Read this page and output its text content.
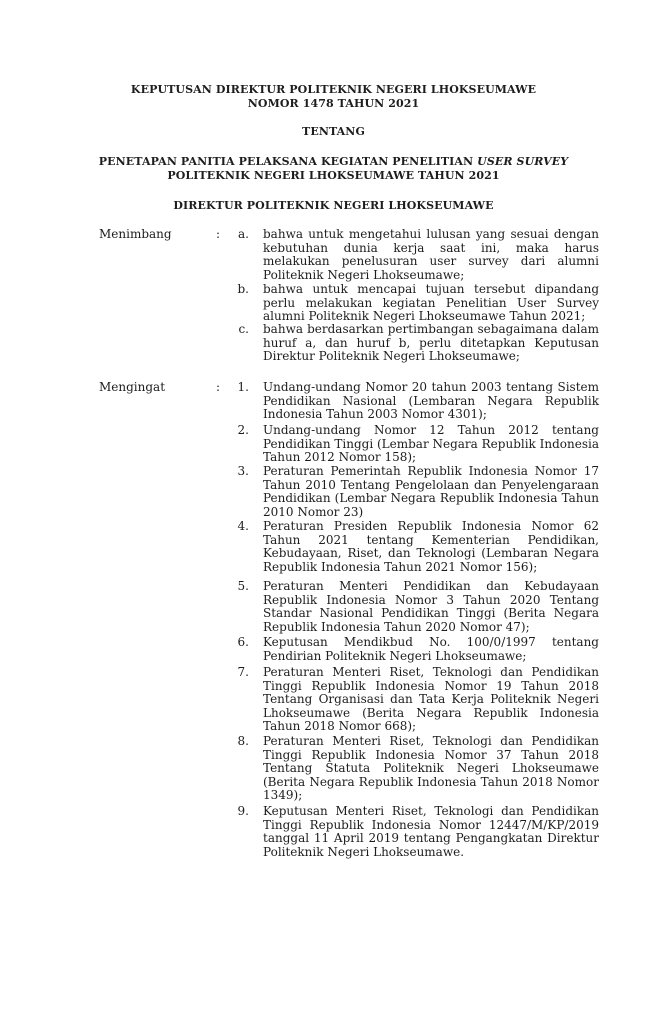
KEPUTUSAN DIREKTUR POLITEKNIK NEGERI LHOKSEUMAWE
NOMOR 1478 TAHUN 2021
TENTANG
PENETAPAN PANITIA PELAKSANA KEGIATAN PENELITIAN USER SURVEY
POLITEKNIK NEGERI LHOKSEUMAWE TAHUN 2021
DIREKTUR POLITEKNIK NEGERI LHOKSEUMAWE
Menimbang	:	a. bahwa untuk mengetahui lulusan yang sesuai dengan
kebutuhan dunia kerja saat ini, maka harus
melakukan penelusuran user survey dari alumni
Politeknik Negeri Lhokseumawe;
b. bahwa untuk mencapai tujuan tersebut dipandang
perlu melakukan kegiatan Penelitian User Survey
alumni Politeknik Negeri Lhokseumawe Tahun 2021;
c. bahwa berdasarkan pertimbangan sebagaimana dalam
huruf a, dan huruf b, perlu ditetapkan Keputusan
Direktur Politeknik Negeri Lhokseumawe;
Mengingat	:	1. Undang-undang Nomor 20 tahun 2003 tentang Sistem
Pendidikan Nasional (Lembaran Negara Republik
Indonesia Tahun 2003 Nomor 4301);
2. Undang-undang Nomor 12 Tahun 2012 tentang
Pendidikan Tinggi (Lembar Negara Republik Indonesia
Tahun 2012 Nomor 158);
3. Peraturan Pemerintah Republik Indonesia Nomor 17
Tahun 2010 Tentang Pengelolaan dan Penyelengaraan
Pendidikan (Lembar Negara Republik Indonesia Tahun
2010 Nomor 23)
4. Peraturan Presiden Republik Indonesia Nomor 62
Tahun 2021 tentang Kementerian Pendidikan,
Kebudayaan, Riset, dan Teknologi (Lembaran Negara
Republik Indonesia Tahun 2021 Nomor 156);
5. Peraturan Menteri Pendidikan dan Kebudayaan
Republik Indonesia Nomor 3 Tahun 2020 Tentang
Standar Nasional Pendidikan Tinggi (Berita Negara
Republik Indonesia Tahun 2020 Nomor 47);
6. Keputusan Mendikbud No. 100/0/1997 tentang
Pendirian Politeknik Negeri Lhokseumawe;
7. Peraturan Menteri Riset, Teknologi dan Pendidikan
Tinggi Republik Indonesia Nomor 19 Tahun 2018
Tentang Organisasi dan Tata Kerja Politeknik Negeri
Lhokseumawe (Berita Negara Republik Indonesia
Tahun 2018 Nomor 668);
8. Peraturan Menteri Riset, Teknologi dan Pendidikan
Tinggi Republik Indonesia Nomor 37 Tahun 2018
Tentang Statuta Politeknik Negeri Lhokseumawe
(Berita Negara Republik Indonesia Tahun 2018 Nomor
1349);
9. Keputusan Menteri Riset, Teknologi dan Pendidikan
Tinggi Republik Indonesia Nomor 12447/M/KP/2019
tanggal 11 April 2019 tentang Pengangkatan Direktur
Politeknik Negeri Lhokseumawe.
